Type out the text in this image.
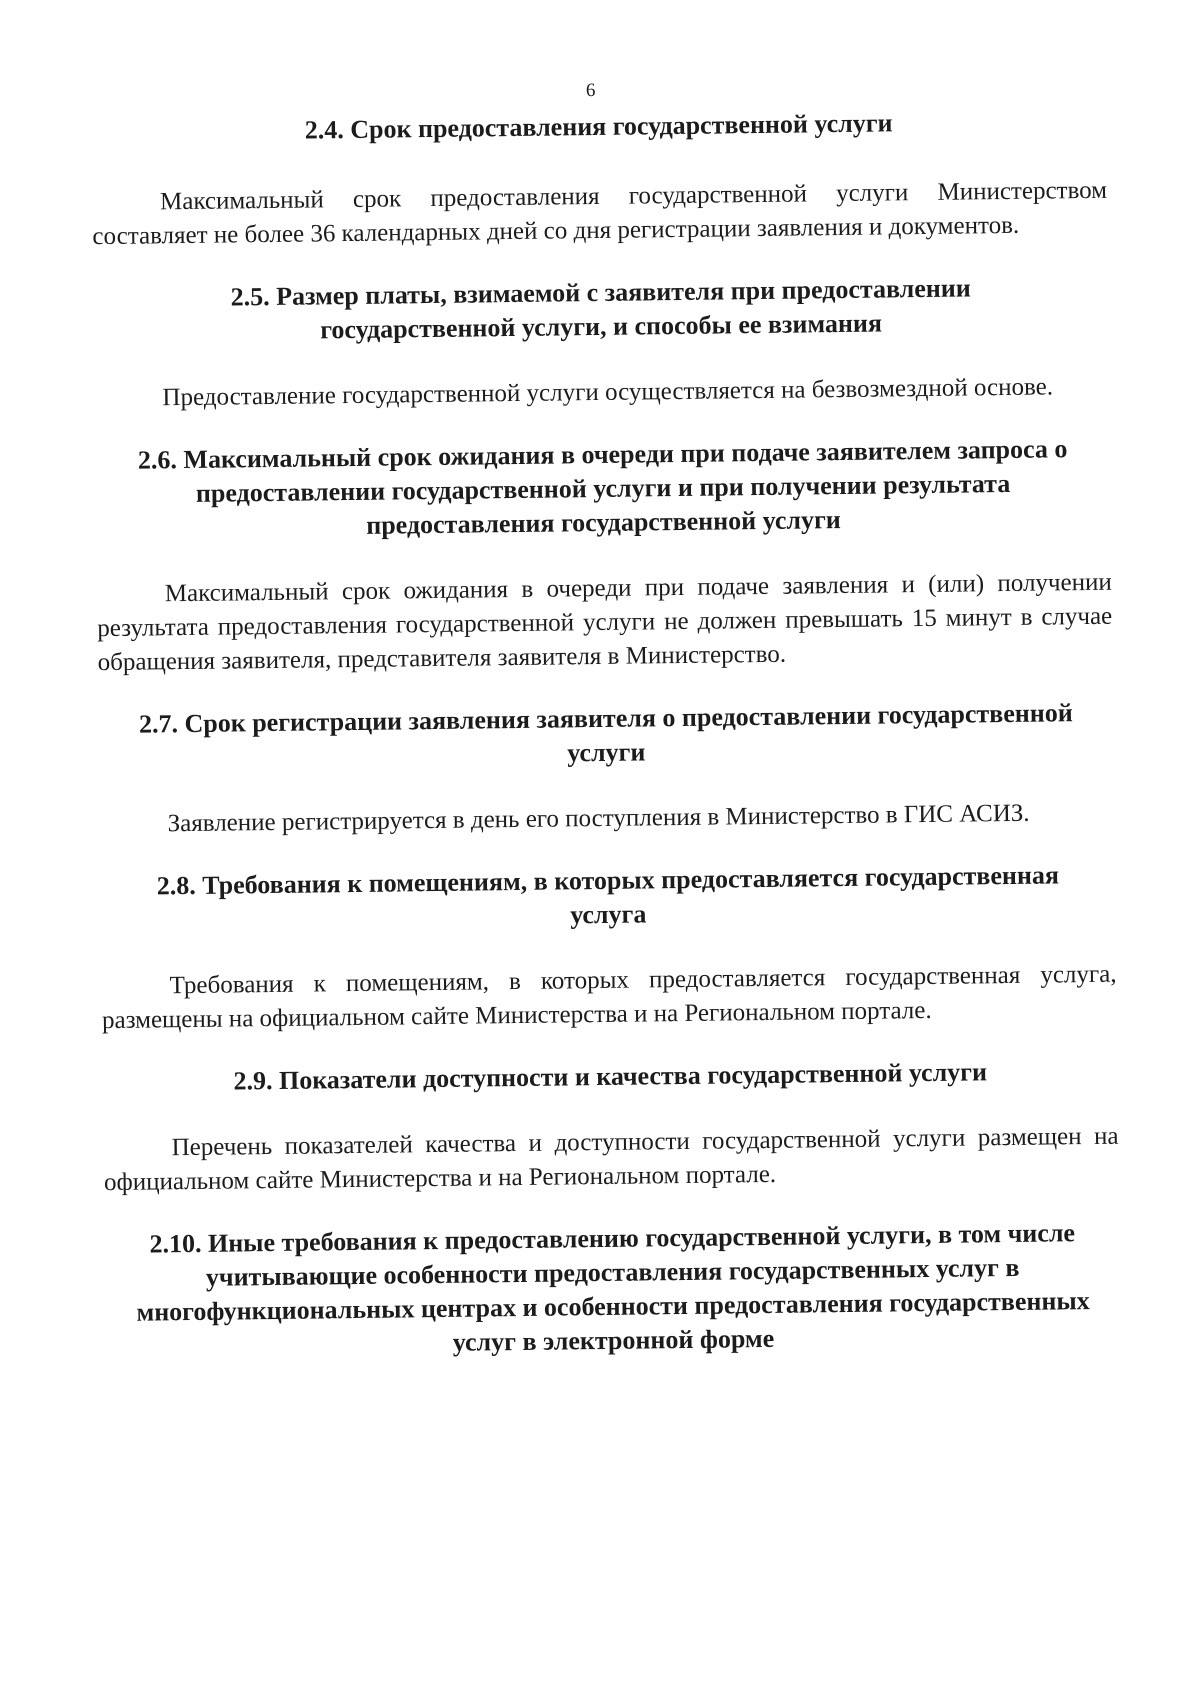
6
2.4. Срок предоставления государственной услуги

Максимальный срок предоставления государственной услуги Министерством составляет не более 36 календарных дней со дня регистрации заявления и документов.

2.5. Размер платы, взимаемой с заявителя при предоставлении государственной услуги, и способы ее взимания

Предоставление государственной услуги осуществляется на безвозмездной основе.

2.6. Максимальный срок ожидания в очереди при подаче заявителем запроса о предоставлении государственной услуги и при получении результата предоставления государственной услуги

Максимальный срок ожидания в очереди при подаче заявления и (или) получении результата предоставления государственной услуги не должен превышать 15 минут в случае обращения заявителя, представителя заявителя в Министерство.

2.7. Срок регистрации заявления заявителя о предоставлении государственной услуги

Заявление регистрируется в день его поступления в Министерство в ГИС АСИЗ.

2.8. Требования к помещениям, в которых предоставляется государственная услуга

Требования к помещениям, в которых предоставляется государственная услуга, размещены на официальном сайте Министерства и на Региональном портале.

2.9. Показатели доступности и качества государственной услуги

Перечень показателей качества и доступности государственной услуги размещен на официальном сайте Министерства и на Региональном портале.

2.10. Иные требования к предоставлению государственной услуги, в том числе учитывающие особенности предоставления государственных услуг в многофункциональных центрах и особенности предоставления государственных услуг в электронной форме
